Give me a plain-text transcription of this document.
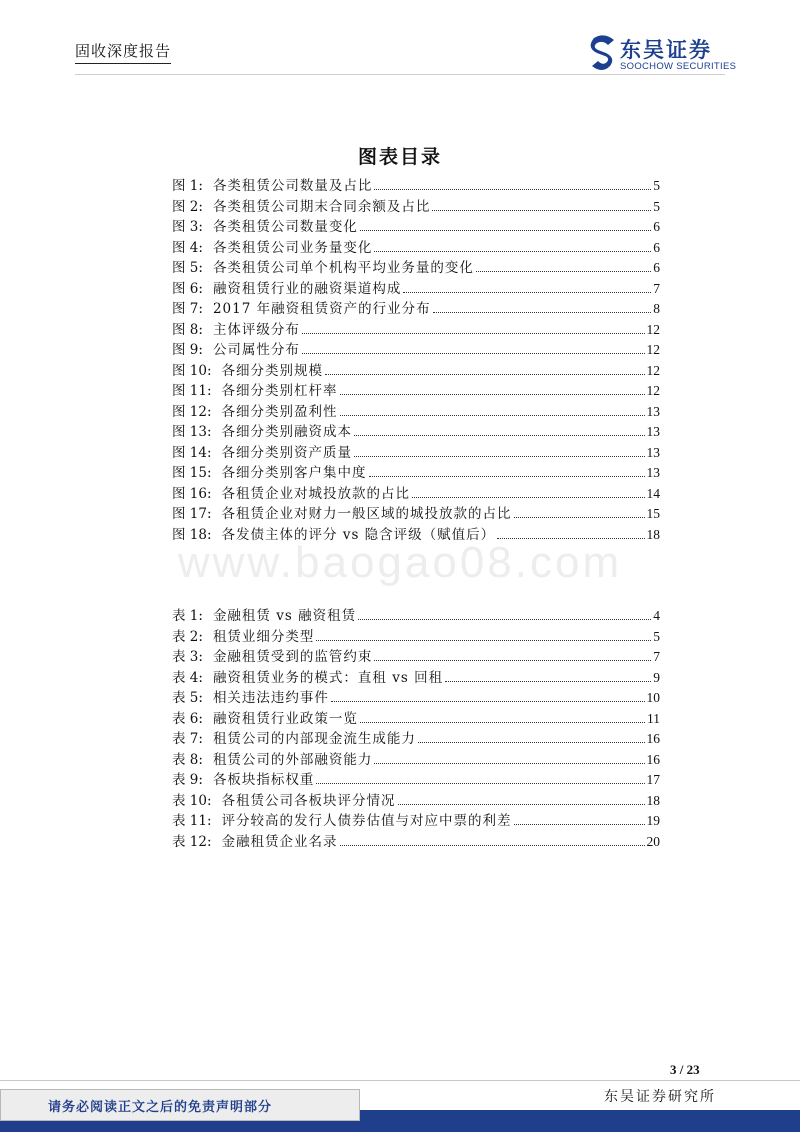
固收深度报告	东吴证券
SOOCHOW SECURITIES
图表目录
图 1: 各类租赁公司数量及占比	5
图 2: 各类租赁公司期末合同余额及占比	5
图 3: 各类租赁公司数量变化	6
图 4: 各类租赁公司业务量变化	6
图 5: 各类租赁公司单个机构平均业务量的变化	6
图 6: 融资租赁行业的融资渠道构成	7
图 7: 2017 年融资租赁资产的行业分布	8
图 8: 主体评级分布	12
图 9: 公司属性分布	12
图 10: 各细分类别规模	12
图 11: 各细分类别杠杆率	12
图 12: 各细分类别盈利性	13
图 13: 各细分类别融资成本	13
图 14: 各细分类别资产质量	13
图 15: 各细分类别客户集中度	13
图 16: 各租赁企业对城投放款的占比	14
图 17: 各租赁企业对财力一般区域的城投放款的占比	15
图 18: 各发债主体的评分 vs 隐含评级（赋值后）	18
www.baogao08.com
表 1: 金融租赁 vs 融资租赁	4
表 2: 租赁业细分类型	5
表 3: 金融租赁受到的监管约束	7
表 4: 融资租赁业务的模式：直租 vs 回租	9
表 5: 相关违法违约事件	10
表 6: 融资租赁行业政策一览	11
表 7: 租赁公司的内部现金流生成能力	16
表 8: 租赁公司的外部融资能力	16
表 9: 各板块指标权重	17
表 10: 各租赁公司各板块评分情况	18
表 11: 评分较高的发行人债券估值与对应中票的利差	19
表 12: 金融租赁企业名录	20
3 / 23
请务必阅读正文之后的免责声明部分
东吴证券研究所
